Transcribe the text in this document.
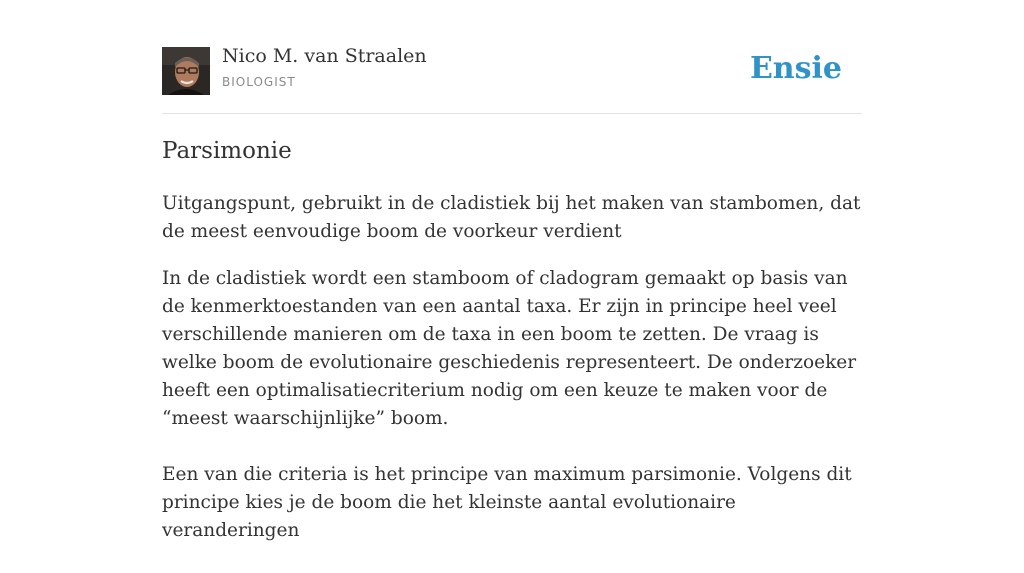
Nico M. van Straalen
BIOLOGIST	Ensie
Parsimonie

Uitgangspunt, gebruikt in de cladistiek bij het maken van stambomen, dat de meest eenvoudige boom de voorkeur verdient

In de cladistiek wordt een stamboom of cladogram gemaakt op basis van de kenmerktoestanden van een aantal taxa. Er zijn in principe heel veel verschillende manieren om de taxa in een boom te zetten. De vraag is welke boom de evolutionaire geschiedenis representeert. De onderzoeker heeft een optimalisatiecriterium nodig om een keuze te maken voor de “meest waarschijnlijke” boom.

Een van die criteria is het principe van maximum parsimonie. Volgens dit principe kies je de boom die het kleinste aantal evolutionaire veranderingen
